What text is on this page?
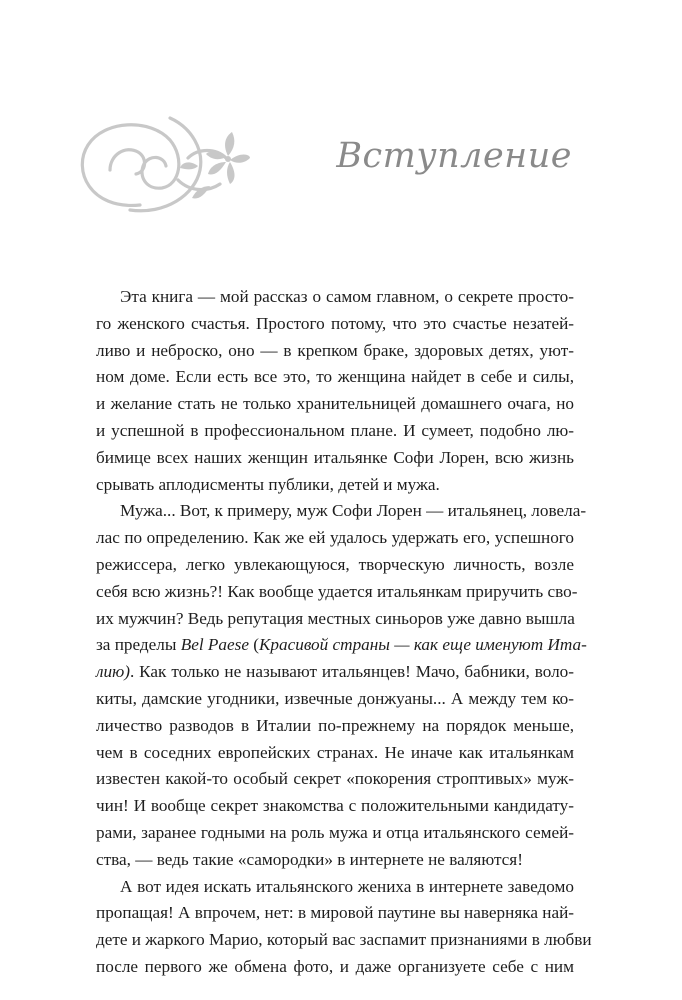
Вступление
Эта книга — мой рассказ о самом главном, о секрете просто-
го женского счастья. Простого потому, что это счастье незатей-
ливо и неброско, оно — в крепком браке, здоровых детях, уют-
ном доме. Если есть все это, то женщина найдет в себе и силы,
и желание стать не только хранительницей домашнего очага, но
и успешной в профессиональном плане. И сумеет, подобно лю-
бимице всех наших женщин итальянке Софи Лорен, всю жизнь
срывать аплодисменты публики, детей и мужа.
Мужа... Вот, к примеру, муж Софи Лорен — итальянец, ловела-
лас по определению. Как же ей удалось удержать его, успешного
режиссера, легко увлекающуюся, творческую личность, возле
себя всю жизнь?! Как вообще удается итальянкам приручить сво-
их мужчин? Ведь репутация местных синьоров уже давно вышла
за пределы Bel Paese (Красивой страны — как еще именуют Ита-
лию). Как только не называют итальянцев! Мачо, бабники, воло-
киты, дамские угодники, извечные донжуаны... А между тем ко-
личество разводов в Италии по-прежнему на порядок меньше,
чем в соседних европейских странах. Не иначе как итальянкам
известен какой-то особый секрет «покорения строптивых» муж-
чин! И вообще секрет знакомства с положительными кандидату-
рами, заранее годными на роль мужа и отца итальянского семей-
ства, — ведь такие «самородки» в интернете не валяются!
А вот идея искать итальянского жениха в интернете заведомо
пропащая! А впрочем, нет: в мировой паутине вы наверняка най-
дете и жаркого Марио, который вас заспамит признаниями в любви
после первого же обмена фото, и даже организуете себе с ним
